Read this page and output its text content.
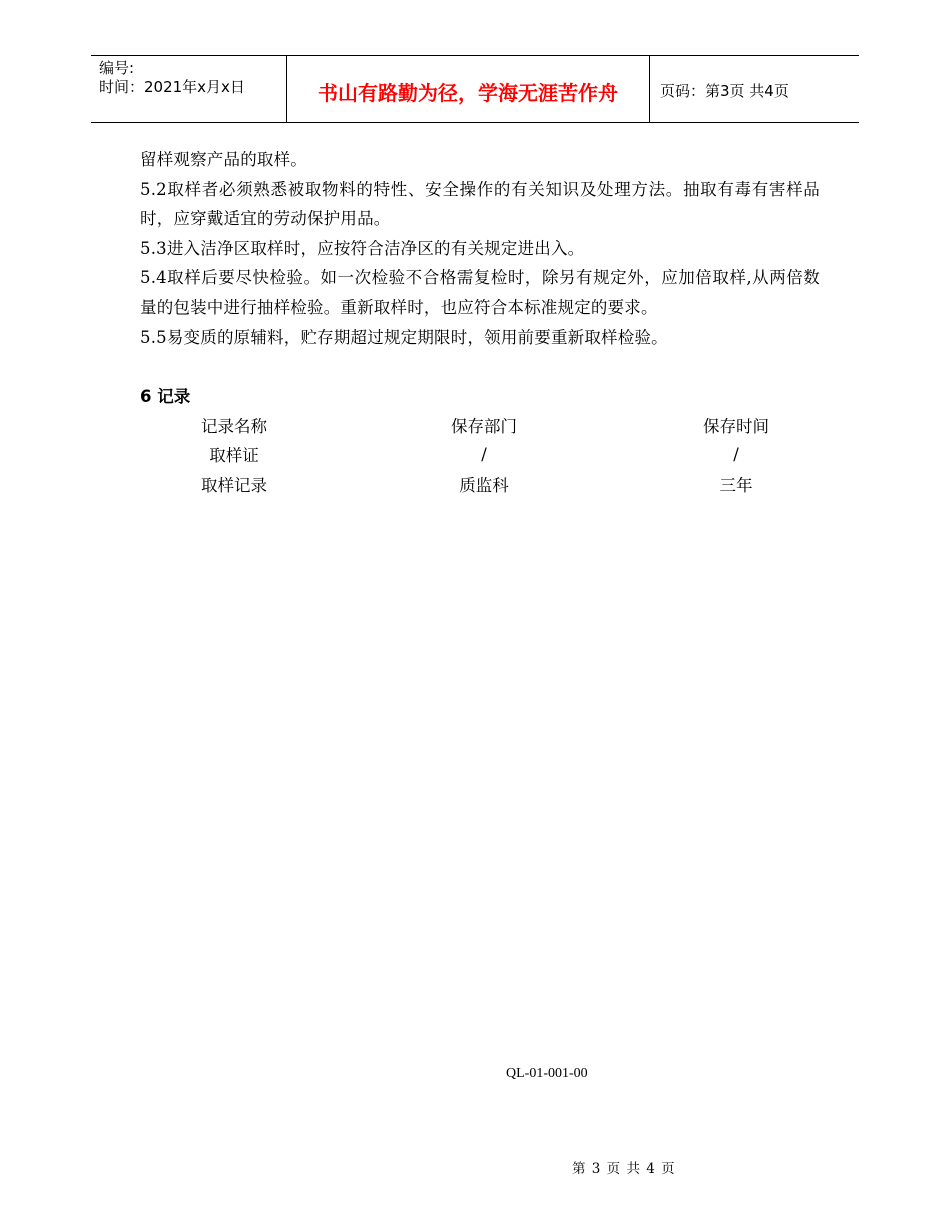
编号:
时间：2021年x月x日	书山有路勤为径，学海无涯苦作舟	页码：第3页 共4页

留样观察产品的取样。

5.2取样者必须熟悉被取物料的特性、安全操作的有关知识及处理方法。抽取有毒有害样品时，应穿戴适宜的劳动保护用品。

5.3进入洁净区取样时，应按符合洁净区的有关规定进出入。

5.4取样后要尽快检验。如一次检验不合格需复检时，除另有规定外，应加倍取样,从两倍数量的包装中进行抽样检验。重新取样时，也应符合本标准规定的要求。

5.5易变质的原辅料，贮存期超过规定期限时，领用前要重新取样检验。

6 记录
记录名称	保存部门	保存时间
取样证	/	/
取样记录	质监科	三年
QL-01-001-00
第 3 页 共 4 页
